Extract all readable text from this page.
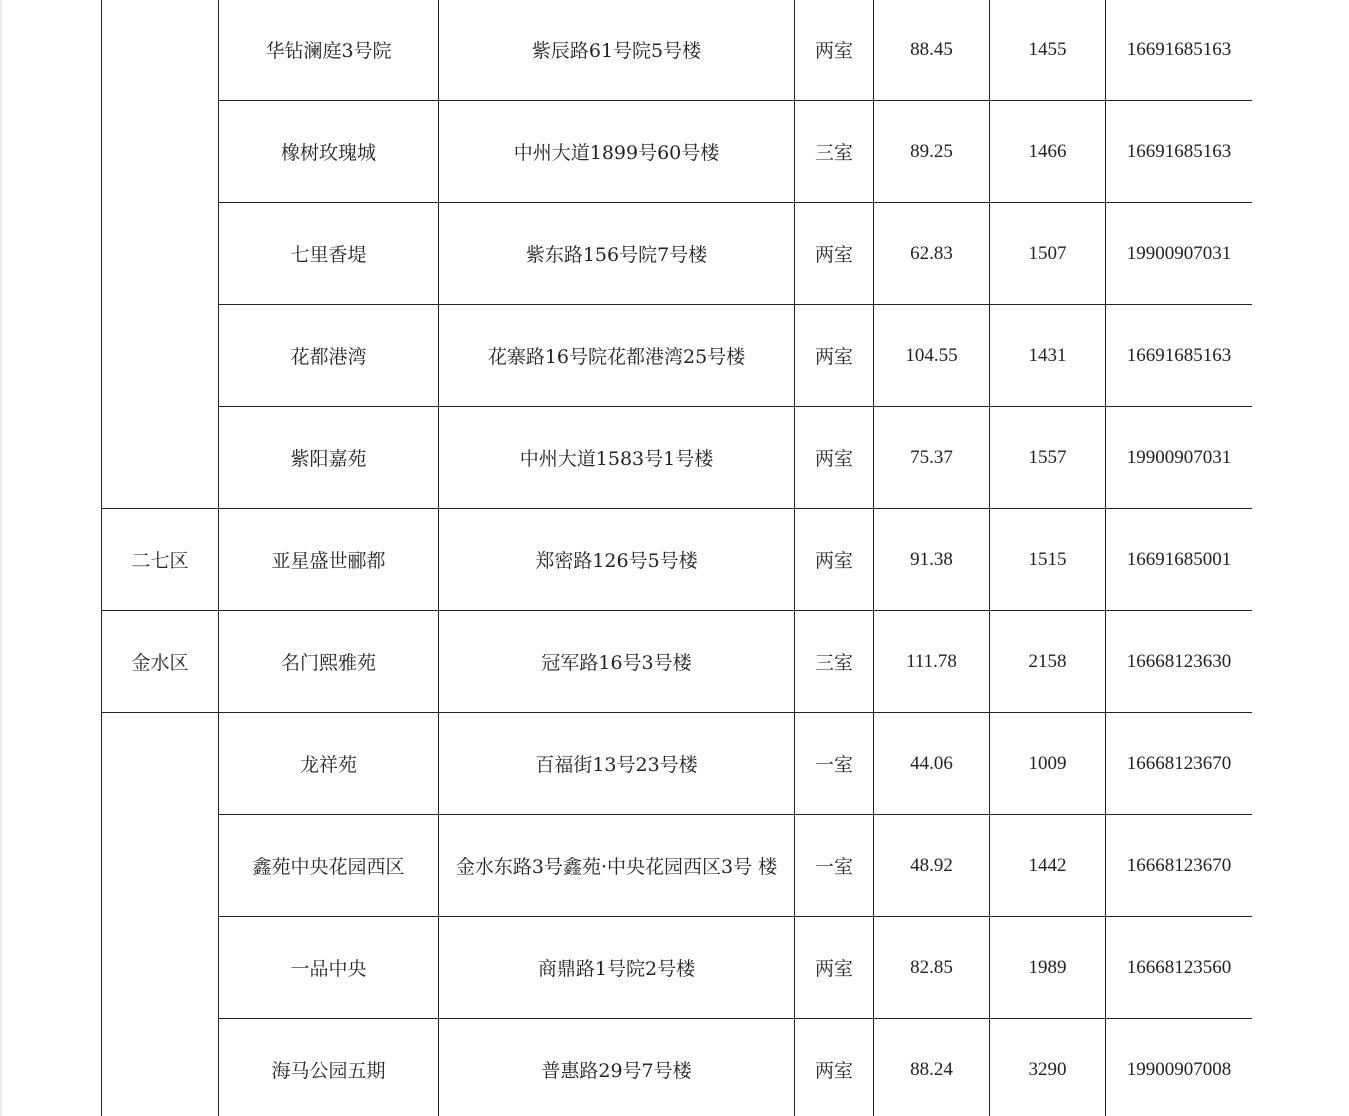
	华钻澜庭3号院	紫辰路61号院5号楼	两室	88.45	1455	16691685163
	橡树玫瑰城	中州大道1899号60号楼	三室	89.25	1466	16691685163
	七里香堤	紫东路156号院7号楼	两室	62.83	1507	19900907031
	花都港湾	花寨路16号院花都港湾25号楼	两室	104.55	1431	16691685163
	紫阳嘉苑	中州大道1583号1号楼	两室	75.37	1557	19900907031
二七区	亚星盛世郦都	郑密路126号5号楼	两室	91.38	1515	16691685001
金水区	名门熙雅苑	冠军路16号3号楼	三室	111.78	2158	16668123630
	龙祥苑	百福街13号23号楼	一室	44.06	1009	16668123670
	鑫苑中央花园西区	金水东路3号鑫苑·中央花园西区3号 楼	一室	48.92	1442	16668123670
	一品中央	商鼎路1号院2号楼	两室	82.85	1989	16668123560
	海马公园五期	普惠路29号7号楼	两室	88.24	3290	19900907008
